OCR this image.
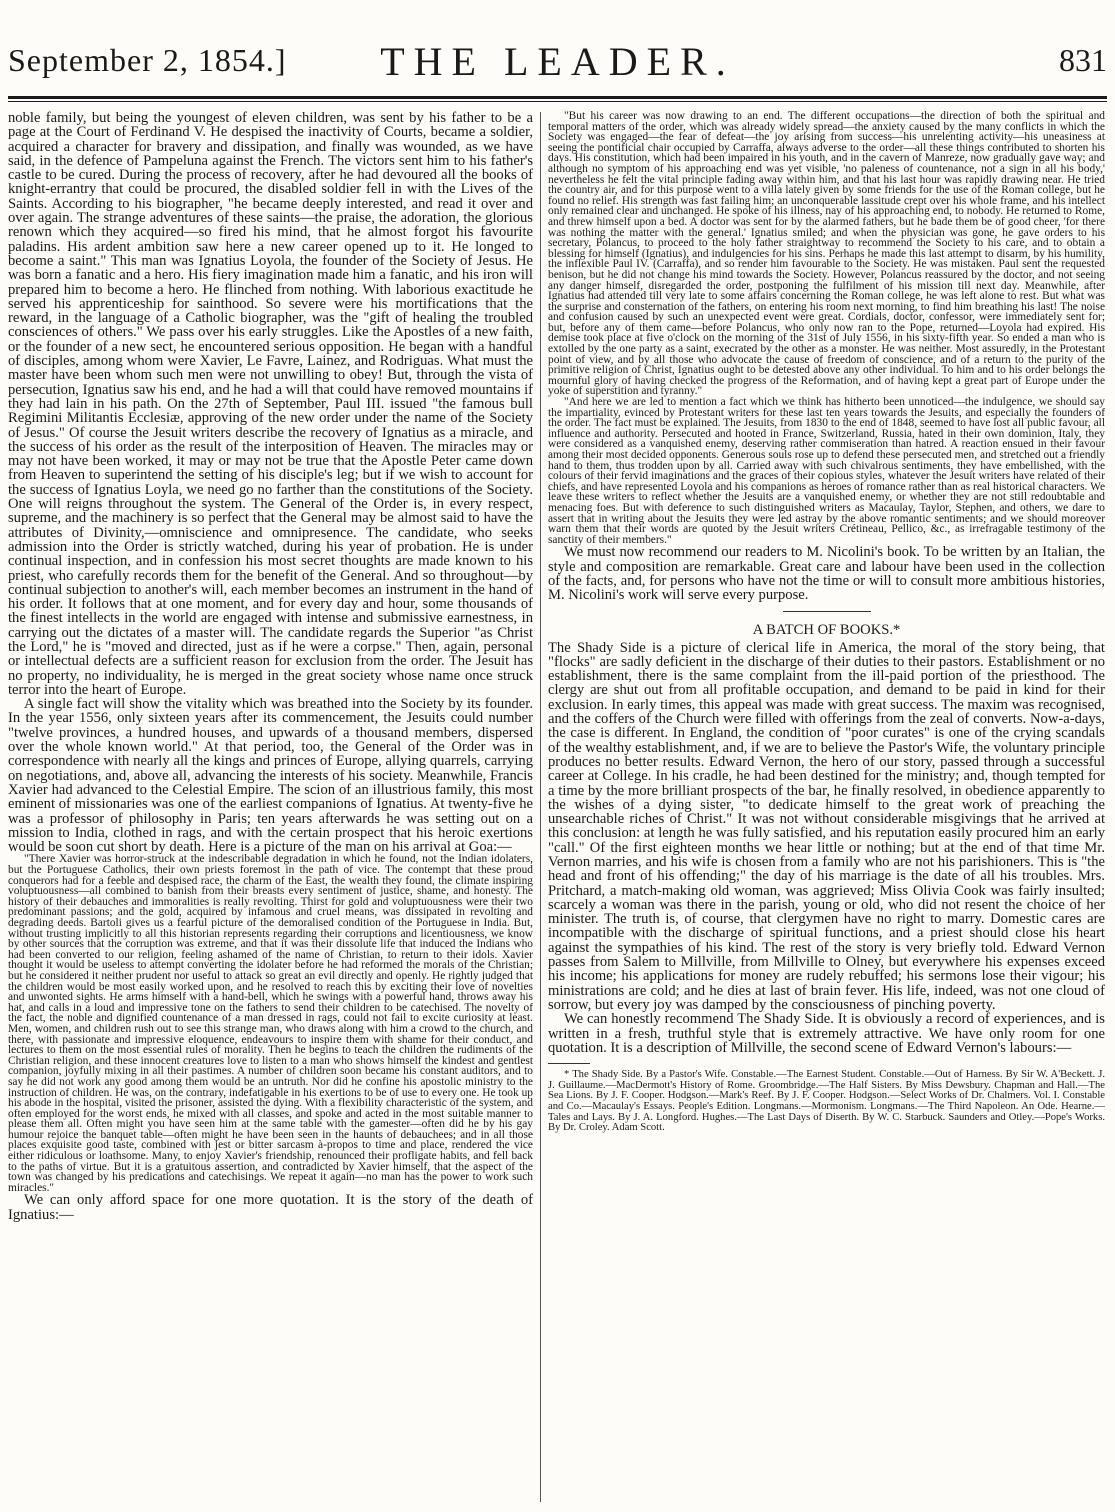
September 2, 1854.]	THE LEADER.	831

noble family, but being the youngest of eleven children, was sent by his father to be a page at the Court of Ferdinand V. He despised the inactivity of Courts, became a soldier, acquired a character for bravery and dissipation, and finally was wounded, as we have said, in the defence of Pampeluna against the French. The victors sent him to his father's castle to be cured. During the process of recovery, after he had devoured all the books of knight-errantry that could be procured, the disabled soldier fell in with the Lives of the Saints. According to his biographer, "he became deeply interested, and read it over and over again. The strange adventures of these saints—the praise, the adoration, the glorious renown which they acquired—so fired his mind, that he almost forgot his favourite paladins. His ardent ambition saw here a new career opened up to it. He longed to become a saint." This man was Ignatius Loyola, the founder of the Society of Jesus. He was born a fanatic and a hero. His fiery imagination made him a fanatic, and his iron will prepared him to become a hero. He flinched from nothing. With laborious exactitude he served his apprenticeship for sainthood. So severe were his mortifications that the reward, in the language of a Catholic biographer, was the "gift of healing the troubled consciences of others." We pass over his early struggles. Like the Apostles of a new faith, or the founder of a new sect, he encountered serious opposition. He began with a handful of disciples, among whom were Xavier, Le Favre, Lainez, and Rodriguas. What must the master have been whom such men were not unwilling to obey! But, through the vista of persecution, Ignatius saw his end, and he had a will that could have removed mountains if they had lain in his path. On the 27th of September, Paul III. issued "the famous bull Regimini Militantis Ecclesiæ, approving of the new order under the name of the Society of Jesus." Of course the Jesuit writers describe the recovery of Ignatius as a miracle, and the success of his order as the result of the interposition of Heaven. The miracles may or may not have been worked, it may or may not be true that the Apostle Peter came down from Heaven to superintend the setting of his disciple's leg; but if we wish to account for the success of Ignatius Loyla, we need go no farther than the constitutions of the Society. One will reigns throughout the system. The General of the Order is, in every respect, supreme, and the machinery is so perfect that the General may be almost said to have the attributes of Divinity,—omniscience and omnipresence. The candidate, who seeks admission into the Order is strictly watched, during his year of probation. He is under continual inspection, and in confession his most secret thoughts are made known to his priest, who carefully records them for the benefit of the General. And so throughout—by continual subjection to another's will, each member becomes an instrument in the hand of his order. It follows that at one moment, and for every day and hour, some thousands of the finest intellects in the world are engaged with intense and submissive earnestness, in carrying out the dictates of a master will. The candidate regards the Superior "as Christ the Lord," he is "moved and directed, just as if he were a corpse." Then, again, personal or intellectual defects are a sufficient reason for exclusion from the order. The Jesuit has no property, no individuality, he is merged in the great society whose name once struck terror into the heart of Europe.

A single fact will show the vitality which was breathed into the Society by its founder. In the year 1556, only sixteen years after its commencement, the Jesuits could number "twelve provinces, a hundred houses, and upwards of a thousand members, dispersed over the whole known world." At that period, too, the General of the Order was in correspondence with nearly all the kings and princes of Europe, allying quarrels, carrying on negotiations, and, above all, advancing the interests of his society. Meanwhile, Francis Xavier had advanced to the Celestial Empire. The scion of an illustrious family, this most eminent of missionaries was one of the earliest companions of Ignatius. At twenty-five he was a professor of philosophy in Paris; ten years afterwards he was setting out on a mission to India, clothed in rags, and with the certain prospect that his heroic exertions would be soon cut short by death. Here is a picture of the man on his arrival at Goa:—

"There Xavier was horror-struck at the indescribable degradation in which he found, not the Indian idolaters, but the Portuguese Catholics, their own priests foremost in the path of vice. The contempt that these proud conquerors had for a feeble and despised race, the charm of the East, the wealth they found, the climate inspiring voluptuousness—all combined to banish from their breasts every sentiment of justice, shame, and honesty. The history of their debauches and immoralities is really revolting. Thirst for gold and voluptuousness were their two predominant passions; and the gold, acquired by infamous and cruel means, was dissipated in revolting and degrading deeds. Bartoli gives us a fearful picture of the demoralised condition of the Portuguese in India. But, without trusting implicitly to all this historian represents regarding their corruptions and licentiousness, we know by other sources that the corruption was extreme, and that it was their dissolute life that induced the Indians who had been converted to our religion, feeling ashamed of the name of Christian, to return to their idols. Xavier thought it would be useless to attempt converting the idolater before he had reformed the morals of the Christian; but he considered it neither prudent nor useful to attack so great an evil directly and openly. He rightly judged that the children would be most easily worked upon, and he resolved to reach this by exciting their love of novelties and unwonted sights. He arms himself with a hand-bell, which he swings with a powerful hand, throws away his hat, and calls in a loud and impressive tone on the fathers to send their children to be catechised. The novelty of the fact, the noble and dignified countenance of a man dressed in rags, could not fail to excite curiosity at least. Men, women, and children rush out to see this strange man, who draws along with him a crowd to the church, and there, with passionate and impressive eloquence, endeavours to inspire them with shame for their conduct, and lectures to them on the most essential rules of morality. Then he begins to teach the children the rudiments of the Christian religion, and these innocent creatures love to listen to a man who shows himself the kindest and gentlest companion, joyfully mixing in all their pastimes. A number of children soon became his constant auditors, and to say he did not work any good among them would be an untruth. Nor did he confine his apostolic ministry to the instruction of children. He was, on the contrary, indefatigable in his exertions to be of use to every one. He took up his abode in the hospital, visited the prisoner, assisted the dying. With a flexibility characteristic of the system, and often employed for the worst ends, he mixed with all classes, and spoke and acted in the most suitable manner to please them all. Often might you have seen him at the same table with the gamester—often did he by his gay humour rejoice the banquet table—often might he have been seen in the haunts of debauchees; and in all those places exquisite good taste, combined with jest or bitter sarcasm à-propos to time and place, rendered the vice either ridiculous or loathsome. Many, to enjoy Xavier's friendship, renounced their profligate habits, and fell back to the paths of virtue. But it is a gratuitous assertion, and contradicted by Xavier himself, that the aspect of the town was changed by his predications and catechisings. We repeat it again—no man has the power to work such miracles."

We can only afford space for one more quotation. It is the story of the death of Ignatius:—

"But his career was now drawing to an end. The different occupations—the direction of both the spiritual and temporal matters of the order, which was already widely spread—the anxiety caused by the many conflicts in which the Society was engaged—the fear of defeat—the joy arising from success—his unrelenting activity—his uneasiness at seeing the pontificial chair occupied by Carraffa, always adverse to the order—all these things contributed to shorten his days. His constitution, which had been impaired in his youth, and in the cavern of Manreze, now gradually gave way; and although no symptom of his approaching end was yet visible, 'no paleness of countenance, not a sign in all his body,' nevertheless he felt the vital principle fading away within him, and that his last hour was rapidly drawing near. He tried the country air, and for this purpose went to a villa lately given by some friends for the use of the Roman college, but he found no relief. His strength was fast failing him; an unconquerable lassitude crept over his whole frame, and his intellect only remained clear and unchanged. He spoke of his illness, nay of his approaching end, to nobody. He returned to Rome, and threw himself upon a bed. A doctor was sent for by the alarmed fathers, but he bade them be of good cheer, 'for there was nothing the matter with the general.' Ignatius smiled; and when the physician was gone, he gave orders to his secretary, Polancus, to proceed to the holy father straightway to recommend the Society to his care, and to obtain a blessing for himself (Ignatius), and indulgencies for his sins. Perhaps he made this last attempt to disarm, by his humility, the inflexible Paul IV. (Carraffa), and so render him favourable to the Society. He was mistaken. Paul sent the requested benison, but he did not change his mind towards the Society. However, Polancus reassured by the doctor, and not seeing any danger himself, disregarded the order, postponing the fulfilment of his mission till next day. Meanwhile, after Ignatius had attended till very late to some affairs concerning the Roman college, he was left alone to rest. But what was the surprise and consternation of the fathers, on entering his room next morning, to find him breathing his last! The noise and confusion caused by such an unexpected event were great. Cordials, doctor, confessor, were immediately sent for; but, before any of them came—before Polancus, who only now ran to the Pope, returned—Loyola had expired. His demise took place at five o'clock on the morning of the 31st of July 1556, in his sixty-fifth year. So ended a man who is extolled by the one party as a saint, execrated by the other as a monster. He was neither. Most assuredly, in the Protestant point of view, and by all those who advocate the cause of freedom of conscience, and of a return to the purity of the primitive religion of Christ, Ignatius ought to be detested above any other individual. To him and to his order belongs the mournful glory of having checked the progress of the Reformation, and of having kept a great part of Europe under the yoke of superstition and tyranny."

"And here we are led to mention a fact which we think has hitherto been unnoticed—the indulgence, we should say the impartiality, evinced by Protestant writers for these last ten years towards the Jesuits, and especially the founders of the order. The fact must be explained. The Jesuits, from 1830 to the end of 1848, seemed to have lost all public favour, all influence and authority. Persecuted and hooted in France, Switzerland, Russia, hated in their own dominion, Italy, they were considered as a vanquished enemy, deserving rather commiseration than hatred. A reaction ensued in their favour among their most decided opponents. Generous souls rose up to defend these persecuted men, and stretched out a friendly hand to them, thus trodden upon by all. Carried away with such chivalrous sentiments, they have embellished, with the colours of their fervid imaginations and the graces of their copious styles, whatever the Jesuit writers have related of their chiefs, and have represented Loyola and his companions as heroes of romance rather than as real historical characters. We leave these writers to reflect whether the Jesuits are a vanquished enemy, or whether they are not still redoubtable and menacing foes. But with deference to such distinguished writers as Macaulay, Taylor, Stephen, and others, we dare to assert that in writing about the Jesuits they were led astray by the above romantic sentiments; and we should moreover warn them that their words are quoted by the Jesuit writers Crétineau, Pellico, &c., as irrefragable testimony of the sanctity of their members."

We must now recommend our readers to M. Nicolini's book. To be written by an Italian, the style and composition are remarkable. Great care and labour have been used in the collection of the facts, and, for persons who have not the time or will to consult more ambitious histories, M. Nicolini's work will serve every purpose.

A BATCH OF BOOKS.*

The Shady Side is a picture of clerical life in America, the moral of the story being, that "flocks" are sadly deficient in the discharge of their duties to their pastors. Establishment or no establishment, there is the same complaint from the ill-paid portion of the priesthood. The clergy are shut out from all profitable occupation, and demand to be paid in kind for their exclusion. In early times, this appeal was made with great success. The maxim was recognised, and the coffers of the Church were filled with offerings from the zeal of converts. Now-a-days, the case is different. In England, the condition of "poor curates" is one of the crying scandals of the wealthy establishment, and, if we are to believe the Pastor's Wife, the voluntary principle produces no better results. Edward Vernon, the hero of our story, passed through a successful career at College. In his cradle, he had been destined for the ministry; and, though tempted for a time by the more brilliant prospects of the bar, he finally resolved, in obedience apparently to the wishes of a dying sister, "to dedicate himself to the great work of preaching the unsearchable riches of Christ." It was not without considerable misgivings that he arrived at this conclusion: at length he was fully satisfied, and his reputation easily procured him an early "call." Of the first eighteen months we hear little or nothing; but at the end of that time Mr. Vernon marries, and his wife is chosen from a family who are not his parishioners. This is "the head and front of his offending;" the day of his marriage is the date of all his troubles. Mrs. Pritchard, a match-making old woman, was aggrieved; Miss Olivia Cook was fairly insulted; scarcely a woman was there in the parish, young or old, who did not resent the choice of her minister. The truth is, of course, that clergymen have no right to marry. Domestic cares are incompatible with the discharge of spiritual functions, and a priest should close his heart against the sympathies of his kind. The rest of the story is very briefly told. Edward Vernon passes from Salem to Millville, from Millville to Olney, but everywhere his expenses exceed his income; his applications for money are rudely rebuffed; his sermons lose their vigour; his ministrations are cold; and he dies at last of brain fever. His life, indeed, was not one cloud of sorrow, but every joy was damped by the consciousness of pinching poverty.

We can honestly recommend The Shady Side. It is obviously a record of experiences, and is written in a fresh, truthful style that is extremely attractive. We have only room for one quotation. It is a description of Millville, the second scene of Edward Vernon's labours:—

* The Shady Side. By a Pastor's Wife. Constable.—The Earnest Student. Constable.—Out of Harness. By Sir W. A'Beckett. J. J. Guillaume.—MacDermott's History of Rome. Groombridge.—The Half Sisters. By Miss Dewsbury. Chapman and Hall.—The Sea Lions. By J. F. Cooper. Hodgson.—Mark's Reef. By J. F. Cooper. Hodgson.—Select Works of Dr. Chalmers. Vol. I. Constable and Co.—Macaulay's Essays. People's Edition. Longmans.—Mormonism. Longmans.—The Third Napoleon. An Ode. Hearne.—Tales and Lays. By J. A. Longford. Hughes.—The Last Days of Diserth. By W. C. Starbuck. Saunders and Otley.—Pope's Works. By Dr. Croley. Adam Scott.
